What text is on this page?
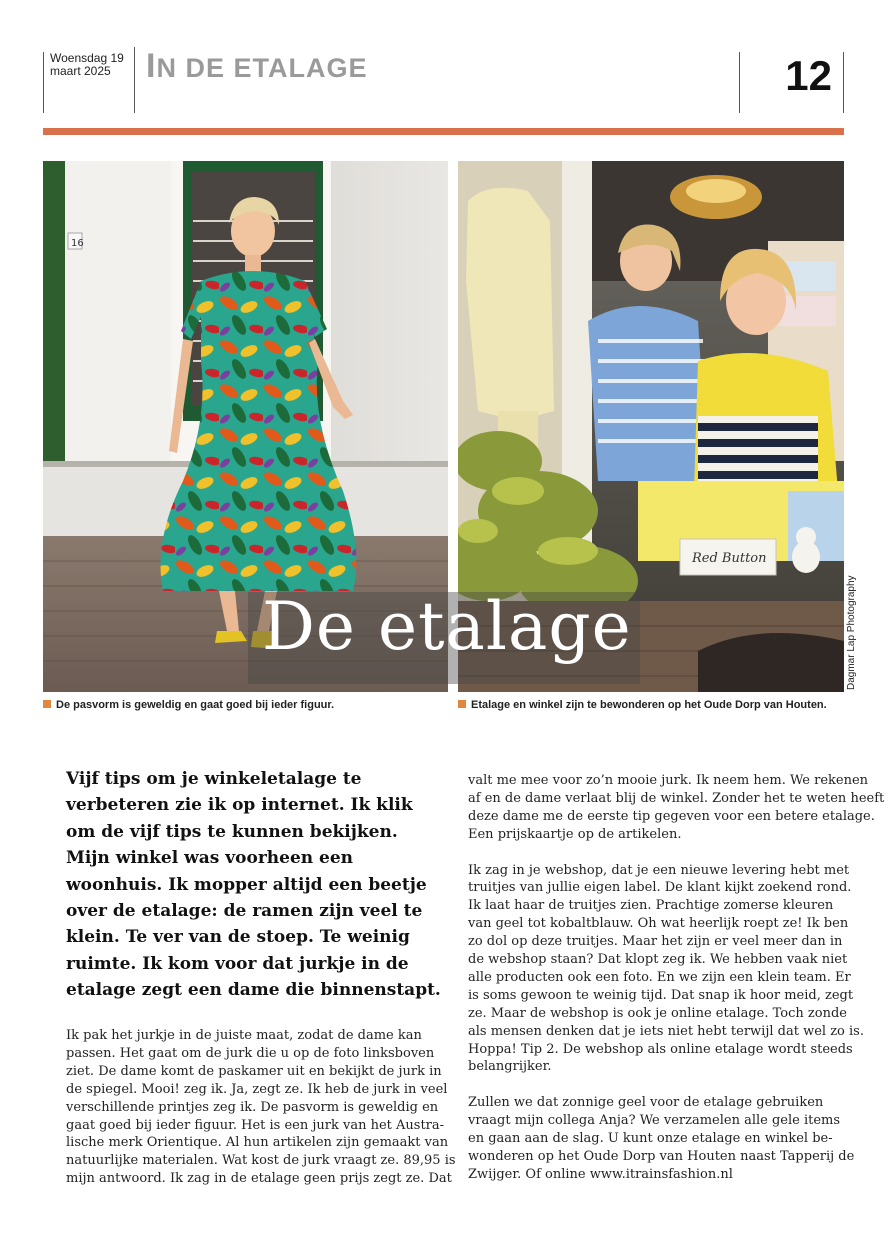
Woensdag 19
maart 2025	IN DE ETALAGE	12
16
Red Button
De etalage	Dagmar Lap Photography
De pasvorm is geweldig en gaat goed bij ieder figuur.	Etalage en winkel zijn te bewonderen op het Oude Dorp van Houten.
Vijf tips om je winkeletalage te
verbeteren zie ik op internet. Ik klik
om de vijf tips te kunnen bekijken.
Mijn winkel was voorheen een
woonhuis. Ik mopper altijd een beetje
over de etalage: de ramen zijn veel te
klein. Te ver van de stoep. Te weinig
ruimte. Ik kom voor dat jurkje in de
etalage zegt een dame die binnenstapt.

Ik pak het jurkje in de juiste maat, zodat de dame kan

passen. Het gaat om de jurk die u op de foto linksboven

ziet. De dame komt de paskamer uit en bekijkt de jurk in

de spiegel. Mooi! zeg ik. Ja, zegt ze. Ik heb de jurk in veel

verschillende printjes zeg ik. De pasvorm is geweldig en

gaat goed bij ieder figuur. Het is een jurk van het Austra-

lische merk Orientique. Al hun artikelen zijn gemaakt van

natuurlijke materialen. Wat kost de jurk vraagt ze. 89,95 is

mijn antwoord. Ik zag in de etalage geen prijs zegt ze. Dat

valt me mee voor zo’n mooie jurk. Ik neem hem. We rekenen

af en de dame verlaat blij de winkel. Zonder het te weten heeft

deze dame me de eerste tip gegeven voor een betere etalage.

Een prijskaartje op de artikelen.

Ik zag in je webshop, dat je een nieuwe levering hebt met

truitjes van jullie eigen label. De klant kijkt zoekend rond.

Ik laat haar de truitjes zien. Prachtige zomerse kleuren

van geel tot kobaltblauw. Oh wat heerlijk roept ze! Ik ben

zo dol op deze truitjes. Maar het zijn er veel meer dan in

de webshop staan? Dat klopt zeg ik. We hebben vaak niet

alle producten ook een foto. En we zijn een klein team. Er

is soms gewoon te weinig tijd. Dat snap ik hoor meid, zegt

ze. Maar de webshop is ook je online etalage. Toch zonde

als mensen denken dat je iets niet hebt terwijl dat wel zo is.

Hoppa! Tip 2. De webshop als online etalage wordt steeds

belangrijker.

Zullen we dat zonnige geel voor de etalage gebruiken

vraagt mijn collega Anja? We verzamelen alle gele items

en gaan aan de slag. U kunt onze etalage en winkel be-

wonderen op het Oude Dorp van Houten naast Tapperij de

Zwijger. Of online www.itrainsfashion.nl
